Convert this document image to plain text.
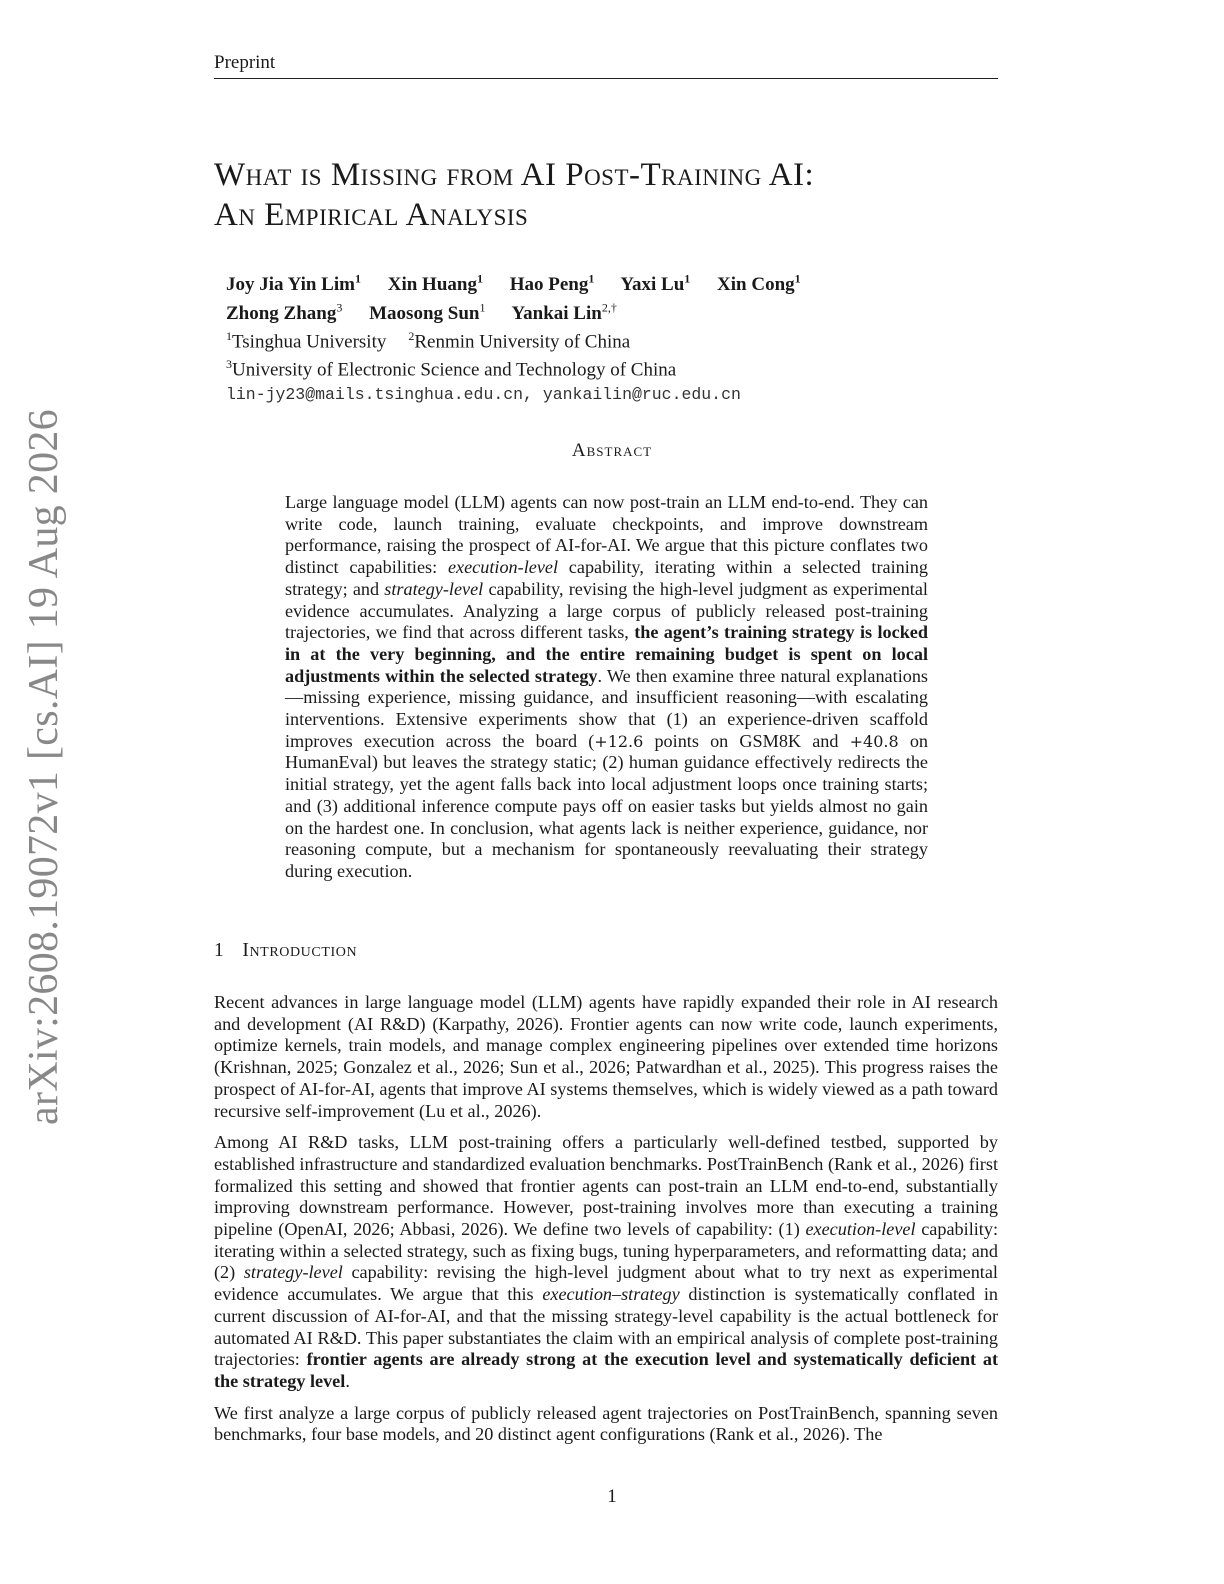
Preprint
arXiv:2608.19072v1 [cs.AI] 19 Aug 2026
What is Missing from AI Post-Training AI:
An Empirical Analysis
Joy Jia Yin Lim$^1$ Xin Huang$^1$ Hao Peng$^1$ Yaxi Lu$^1$ Xin Cong$^1$
Zhong Zhang$^3$ Maosong Sun$^1$ Yankai Lin$^{2,\dagger}$
$^1$Tsinghua University $^2$Renmin University of China
$^3$University of Electronic Science and Technology of China
lin-jy23@mails.tsinghua.edu.cn, yankailin@ruc.edu.cn
Abstract
Large language model (LLM) agents can now post-train an LLM end-to-end. They can write code, launch training, evaluate checkpoints, and improve downstream performance, raising the prospect of AI-for-AI. We argue that this picture conflates two distinct capabilities: execution-level capability, iterating within a selected training strategy; and strategy-level capability, revising the high-level judgment as experimental evidence accumulates. Analyzing a large corpus of publicly released post-training trajectories, we find that across different tasks, the agent’s training strategy is locked in at the very beginning, and the entire remaining budget is spent on local adjustments within the selected strategy. We then examine three natural explanations—missing experience, missing guidance, and insufficient reasoning—with escalating interventions. Extensive experiments show that (1) an experience-driven scaffold improves execution across the board (+12.6 points on GSM8K and +40.8 on HumanEval) but leaves the strategy static; (2) human guidance effectively redirects the initial strategy, yet the agent falls back into local adjustment loops once training starts; and (3) additional inference compute pays off on easier tasks but yields almost no gain on the hardest one. In conclusion, what agents lack is neither experience, guidance, nor reasoning compute, but a mechanism for spontaneously reevaluating their strategy during execution.
1 Introduction

Recent advances in large language model (LLM) agents have rapidly expanded their role in AI research and development (AI R&D) (Karpathy, 2026). Frontier agents can now write code, launch experiments, optimize kernels, train models, and manage complex engineering pipelines over extended time horizons (Krishnan, 2025; Gonzalez et al., 2026; Sun et al., 2026; Patwardhan et al., 2025). This progress raises the prospect of AI-for-AI, agents that improve AI systems themselves, which is widely viewed as a path toward recursive self-improvement (Lu et al., 2026).

Among AI R&D tasks, LLM post-training offers a particularly well-defined testbed, supported by established infrastructure and standardized evaluation benchmarks. PostTrainBench (Rank et al., 2026) first formalized this setting and showed that frontier agents can post-train an LLM end-to-end, substantially improving downstream performance. However, post-training involves more than executing a training pipeline (OpenAI, 2026; Abbasi, 2026). We define two levels of capability: (1) execution-level capability: iterating within a selected strategy, such as fixing bugs, tuning hyperparameters, and reformatting data; and (2) strategy-level capability: revising the high-level judgment about what to try next as experimental evidence accumulates. We argue that this execution–strategy distinction is systematically conflated in current discussion of AI-for-AI, and that the missing strategy-level capability is the actual bottleneck for automated AI R&D. This paper substantiates the claim with an empirical analysis of complete post-training trajectories: frontier agents are already strong at the execution level and systematically deficient at the strategy level.

We first analyze a large corpus of publicly released agent trajectories on PostTrainBench, spanning seven benchmarks, four base models, and 20 distinct agent configurations (Rank et al., 2026). The

1
